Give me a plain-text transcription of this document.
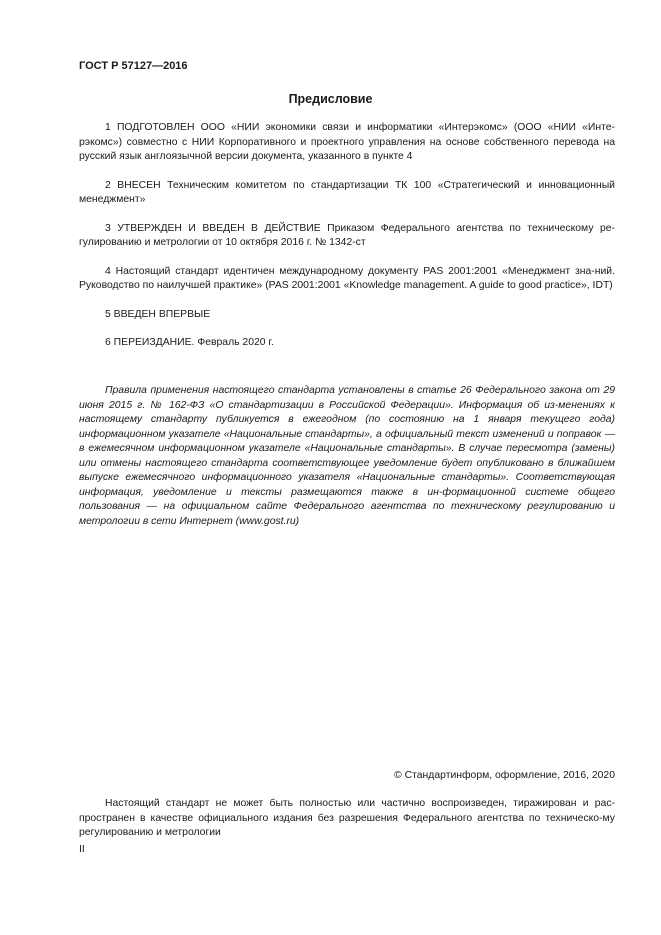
ГОСТ Р 57127—2016
Предисловие

1 ПОДГОТОВЛЕН ООО «НИИ экономики связи и информатики «Интерэкомс» (ООО «НИИ «Инте-рэкомс») совместно с НИИ Корпоративного и проектного управления на основе собственного перевода на русский язык англоязычной версии документа, указанного в пункте 4

2 ВНЕСЕН Техническим комитетом по стандартизации ТК 100 «Стратегический и инновационный менеджмент»

3 УТВЕРЖДЕН И ВВЕДЕН В ДЕЙСТВИЕ Приказом Федерального агентства по техническому ре-гулированию и метрологии от 10 октября 2016 г. № 1342-ст

4 Настоящий стандарт идентичен международному документу PAS 2001:2001 «Менеджмент зна-ний. Руководство по наилучшей практике» (PAS 2001:2001 «Knowledge management. A guide to good practice», IDT)

5 ВВЕДЕН ВПЕРВЫЕ

6 ПЕРЕИЗДАНИЕ. Февраль 2020 г.

Правила применения настоящего стандарта установлены в статье 26 Федерального закона от 29 июня 2015 г. № 162-ФЗ «О стандартизации в Российской Федерации». Информация об из-менениях к настоящему стандарту публикуется в ежегодном (по состоянию на 1 января текущего года) информационном указателе «Национальные стандарты», а официальный текст изменений и поправок — в ежемесячном информационном указателе «Национальные стандарты». В случае пересмотра (замены) или отмены настоящего стандарта соответствующее уведомление будет опубликовано в ближайшем выпуске ежемесячного информационного указателя «Национальные стандарты». Соответствующая информация, уведомление и тексты размещаются также в ин-формационной системе общего пользования — на официальном сайте Федерального агентства по техническому регулированию и метрологии в сети Интернет (www.gost.ru)

© Стандартинформ, оформление, 2016, 2020

Настоящий стандарт не может быть полностью или частично воспроизведен, тиражирован и рас-пространен в качестве официального издания без разрешения Федерального агентства по техническо-му регулированию и метрологии

II
